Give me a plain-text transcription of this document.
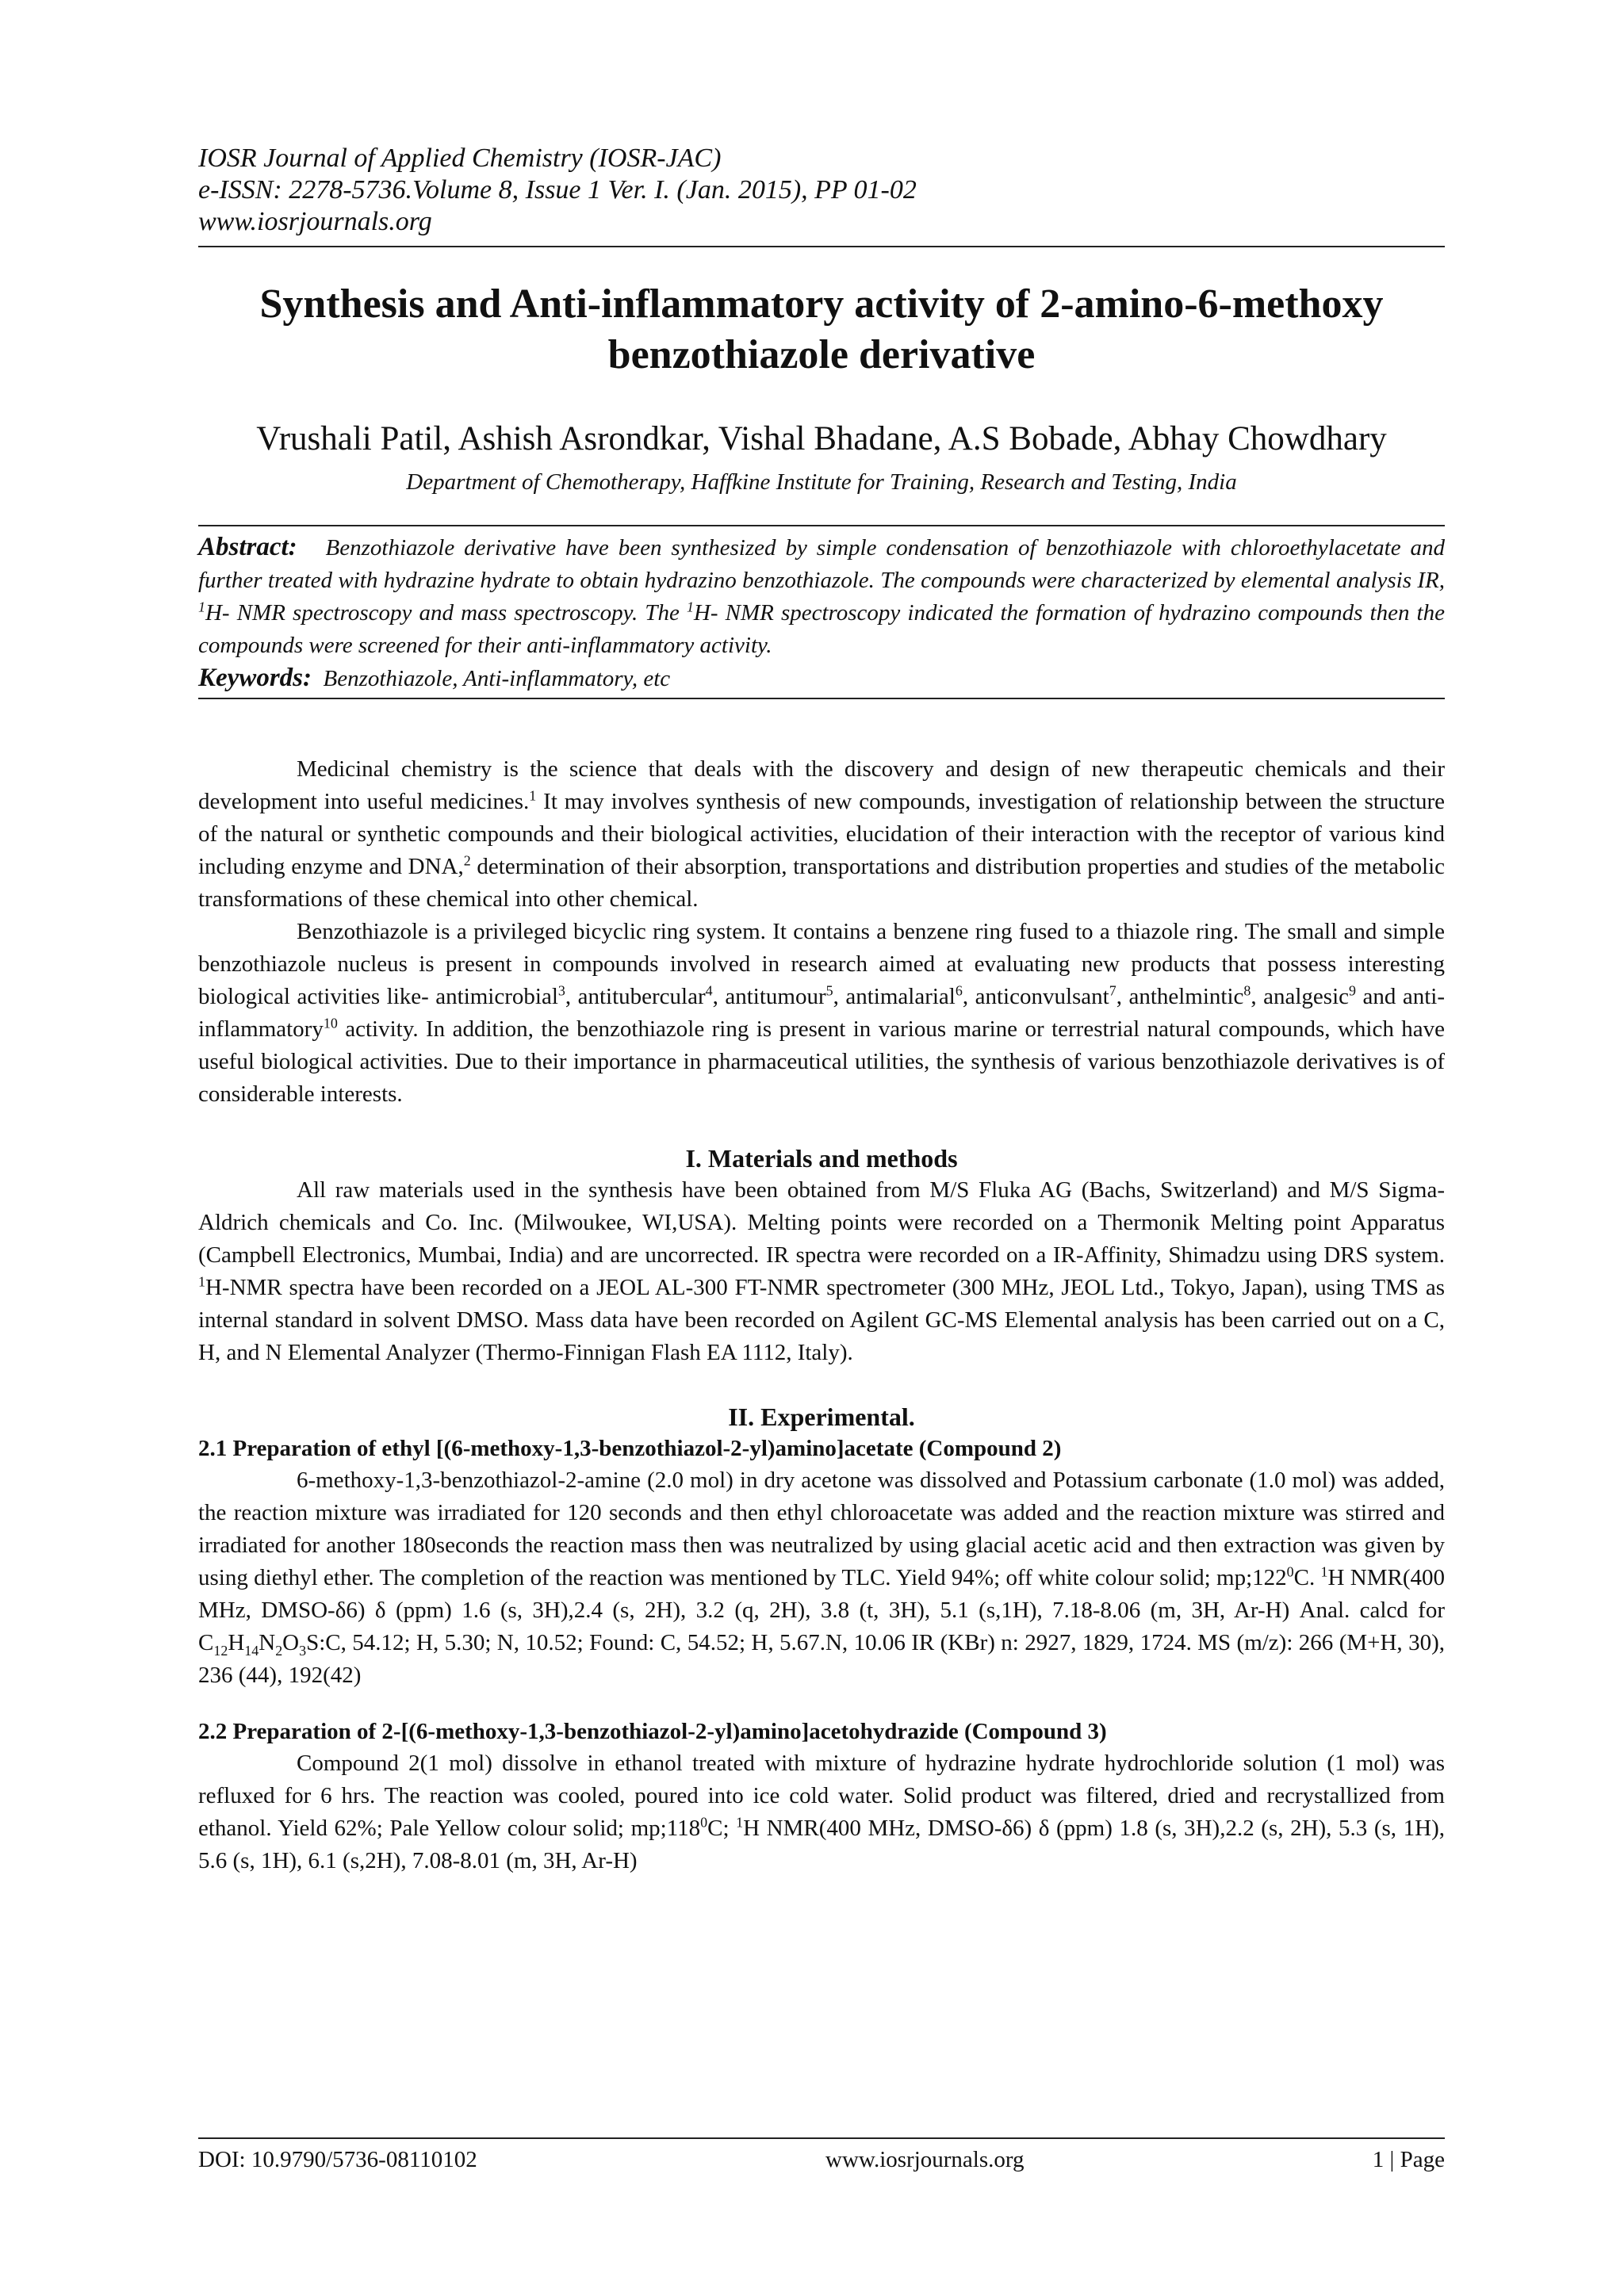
IOSR Journal of Applied Chemistry (IOSR-JAC)
e-ISSN: 2278-5736.Volume 8, Issue 1 Ver. I. (Jan. 2015), PP 01-02
www.iosrjournals.org
Synthesis and Anti-inflammatory activity of 2-amino-6-methoxy benzothiazole derivative
Vrushali Patil, Ashish Asrondkar, Vishal Bhadane, A.S Bobade, Abhay Chowdhary
Department of Chemotherapy, Haffkine Institute for Training, Research and Testing, India
Abstract: Benzothiazole derivative have been synthesized by simple condensation of benzothiazole with chloroethylacetate and further treated with hydrazine hydrate to obtain hydrazino benzothiazole. The compounds were characterized by elemental analysis IR, $^1$H- NMR spectroscopy and mass spectroscopy. The $^1$H- NMR spectroscopy indicated the formation of hydrazino compounds then the compounds were screened for their anti-inflammatory activity.
Keywords: Benzothiazole, Anti-inflammatory, etc

Medicinal chemistry is the science that deals with the discovery and design of new therapeutic chemicals and their development into useful medicines.$^1$ It may involves synthesis of new compounds, investigation of relationship between the structure of the natural or synthetic compounds and their biological activities, elucidation of their interaction with the receptor of various kind including enzyme and DNA,$^2$ determination of their absorption, transportations and distribution properties and studies of the metabolic transformations of these chemical into other chemical.

Benzothiazole is a privileged bicyclic ring system. It contains a benzene ring fused to a thiazole ring. The small and simple benzothiazole nucleus is present in compounds involved in research aimed at evaluating new products that possess interesting biological activities like- antimicrobial$^3$, antitubercular$^4$, antitumour$^5$, antimalarial$^6$, anticonvulsant$^7$, anthelmintic$^8$, analgesic$^9$ and anti-inflammatory$^{10}$ activity. In addition, the benzothiazole ring is present in various marine or terrestrial natural compounds, which have useful biological activities. Due to their importance in pharmaceutical utilities, the synthesis of various benzothiazole derivatives is of considerable interests.

I. Materials and methods

All raw materials used in the synthesis have been obtained from M/S Fluka AG (Bachs, Switzerland) and M/S Sigma-Aldrich chemicals and Co. Inc. (Milwoukee, WI,USA). Melting points were recorded on a Thermonik Melting point Apparatus (Campbell Electronics, Mumbai, India) and are uncorrected. IR spectra were recorded on a IR-Affinity, Shimadzu using DRS system. $^1$H-NMR spectra have been recorded on a JEOL AL-300 FT-NMR spectrometer (300 MHz, JEOL Ltd., Tokyo, Japan), using TMS as internal standard in solvent DMSO. Mass data have been recorded on Agilent GC-MS Elemental analysis has been carried out on a C, H, and N Elemental Analyzer (Thermo-Finnigan Flash EA 1112, Italy).

II. Experimental.
2.1 Preparation of ethyl [(6-methoxy-1,3-benzothiazol-2-yl)amino]acetate (Compound 2)

6-methoxy-1,3-benzothiazol-2-amine (2.0 mol) in dry acetone was dissolved and Potassium carbonate (1.0 mol) was added, the reaction mixture was irradiated for 120 seconds and then ethyl chloroacetate was added and the reaction mixture was stirred and irradiated for another 180seconds the reaction mass then was neutralized by using glacial acetic acid and then extraction was given by using diethyl ether. The completion of the reaction was mentioned by TLC. Yield 94%; off white colour solid; $mp;122^0C$. $^1$H NMR(400 MHz, DMSO-δ6) δ (ppm) 1.6 (s, 3H),2.4 (s, 2H), 3.2 (q, 2H), 3.8 (t, 3H), 5.1 (s,1H), 7.18-8.06 (m, 3H, Ar-H) Anal. calcd for $C_{12}H_{14}N_2O_3S:C$, 54.12; H, 5.30; N, 10.52; Found: C, 54.52; H, 5.67.N, 10.06 IR (KBr) n: 2927, 1829, 1724. MS (m/z): 266 (M+H, 30), 236 (44), 192(42)

2.2 Preparation of 2-[(6-methoxy-1,3-benzothiazol-2-yl)amino]acetohydrazide (Compound 3)

Compound 2(1 mol) dissolve in ethanol treated with mixture of hydrazine hydrate hydrochloride solution (1 mol) was refluxed for 6 hrs. The reaction was cooled, poured into ice cold water. Solid product was filtered, dried and recrystallized from ethanol. Yield 62%; Pale Yellow colour solid; $mp;118^0C$; $^1$H NMR(400 MHz, DMSO-δ6) δ (ppm) 1.8 (s, 3H),2.2 (s, 2H), 5.3 (s, 1H), 5.6 (s, 1H), 6.1 (s,2H), 7.08-8.01 (m, 3H, Ar-H)

DOI: 10.9790/5736-08110102	www.iosrjournals.org	1 | Page
